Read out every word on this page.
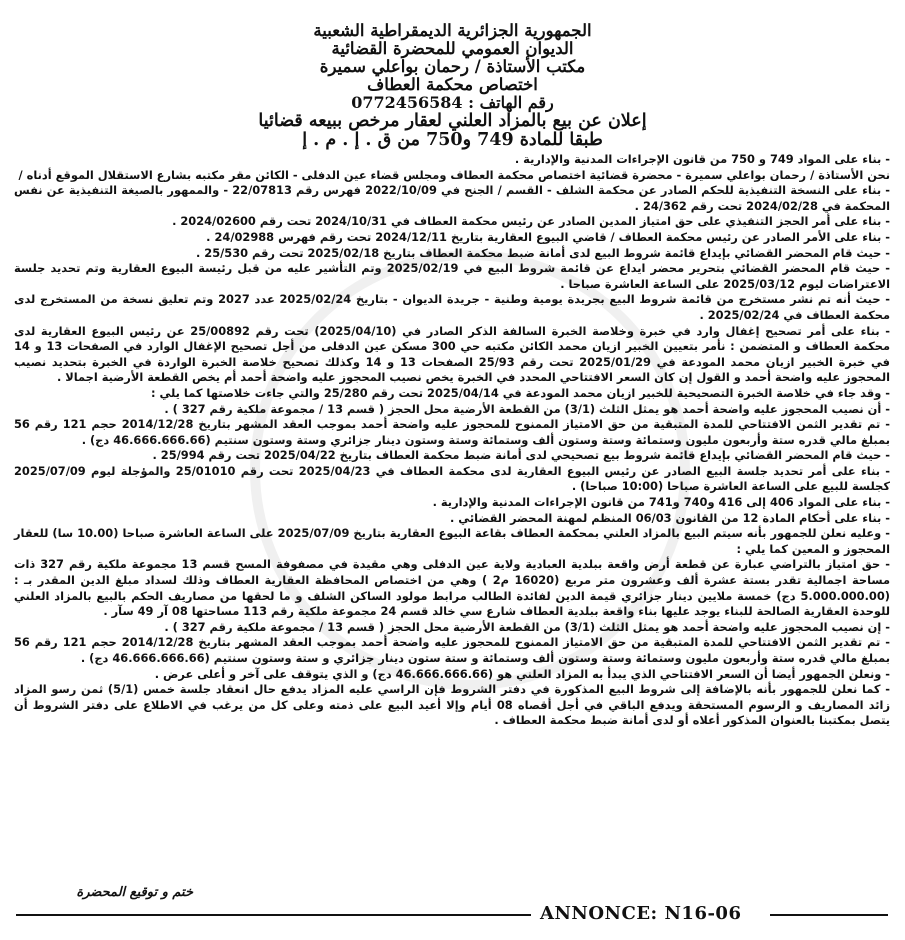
الجمهورية الجزائرية الديمقراطية الشعبية
الديوان العمومي للمحضرة القضائية
مكتب الأستاذة / رحمان بواعلي سميرة
اختصاص محكمة العطاف
رقم الهاتف : 0772456584
إعلان عن بيع بالمزاد العلني لعقار مرخص ببيعه قضائيا
طبقا للمادة 749 و750 من ق . إ . م . إ

- بناء على المواد 749 و 750 من قانون الإجراءات المدنية والإدارية .

نحن الأستاذة / رحمان بواعلي سميرة - محضرة قضائية اختصاص محكمة العطاف ومجلس قضاء عين الدفلى - الكائن مقر مكتبه بشارع الاستقلال الموقع أدناه /

- بناء على النسخة التنفيذية للحكم الصادر عن محكمة الشلف - القسم / الجنح في 2022/10/09 فهرس رقم 22/07813 - والممهور بالصيغة التنفيذية عن نفس المحكمة في 2024/02/28 تحت رقم 24/362 .

- بناء على أمر الحجز التنفيذي على حق امتياز المدين الصادر عن رئيس محكمة العطاف في 2024/10/31 تحت رقم 2024/02600 .

- بناء على الأمر الصادر عن رئيس محكمة العطاف / قاضي البيوع العقارية بتاريخ 2024/12/11 تحت رقم فهرس 24/02988 .

- حيث قام المحضر القضائي بإيداع قائمة شروط البيع لدى أمانة ضبط محكمة العطاف بتاريخ 2025/02/18 تحت رقم 25/530 .

- حيث قام المحضر القضائي بتحرير محضر ايداع عن قائمة شروط البيع في 2025/02/19 وتم التأشير عليه من قبل رئيسة البيوع العقارية وتم تحديد جلسة الاعتراضات ليوم 2025/03/12 على الساعة العاشرة صباحا .

- حيث أنه تم نشر مستخرج من قائمة شروط البيع بجريدة يومية وطنية - جريدة الديوان - بتاريخ 2025/02/24 عدد 2027 وتم تعليق نسخة من المستخرج لدى محكمة العطاف في 2025/02/24 .

- بناء على أمر تصحيح إغفال وارد في خبرة وخلاصة الخبرة السالفة الذكر الصادر في (2025/04/10) تحت رقم 25/00892 عن رئيس البيوع العقارية لدى محكمة العطاف و المتضمن : نأمر بتعيين الخبير ازيان محمد الكائن مكتبه حي 300 مسكن عين الدفلى من أجل تصحيح الإغفال الوارد في الصفحات 13 و 14 في خبرة الخبير ازيان محمد المودعة في 2025/01/29 تحت رقم 25/93 الصفحات 13 و 14 وكذلك تصحيح خلاصة الخبرة الواردة في الخبرة بتحديد نصيب المحجوز عليه واضحة أحمد و القول إن كان السعر الافتتاحي المحدد في الخبرة يخص نصيب المحجوز عليه واضحة أحمد أم يخص القطعة الأرضية اجمالا .

- وقد جاء في خلاصة الخبرة التصحيحية للخبير ازيان محمد المودعة في 2025/04/14 تحت رقم 25/280 والتي جاءت خلاصتها كما يلي :

- أن نصيب المحجوز عليه واضحة أحمد هو يمثل الثلث (3/1) من القطعة الأرضية محل الحجز ( قسم 13 / مجموعة ملكية رقم 327 ) .

- تم تقدير الثمن الافتتاحي للمدة المتبقية من حق الامتياز الممنوح للمحجوز عليه واضحة أحمد بموجب العقد المشهر بتاريخ 2014/12/28 حجم 121 رقم 56 بمبلغ مالي قدره ستة وأربعون مليون وستمائة وستة وستون ألف وستمائة وستة وستون دينار جزائري وستة وستون سنتيم (46.666.666.66 دج) .

- حيث قام المحضر القضائي بإيداع قائمة شروط بيع تصحيحي لدى أمانة ضبط محكمة العطاف بتاريخ 2025/04/22 تحت رقم 25/994 .

- بناء على أمر تحديد جلسة البيع الصادر عن رئيس البيوع العقارية لدى محكمة العطاف في 2025/04/23 تحت رقم 25/01010 والمؤجلة ليوم 2025/07/09 كجلسة للبيع على الساعة العاشرة صباحا (10:00 صباحا) .

- بناء على المواد 406 إلى 416 و740 و741 من قانون الإجراءات المدنية والإدارية .

- بناء على أحكام المادة 12 من القانون 06/03 المنظم لمهنة المحضر القضائي .

- وعليه نعلن للجمهور بأنه سيتم البيع بالمزاد العلني بمحكمة العطاف بقاعة البيوع العقارية بتاريخ 2025/07/09 على الساعة العاشرة صباحا (10.00 سا) للعقار المحجوز و المعين كما يلي :

- حق امتياز بالتراضي عبارة عن قطعة أرض واقعة ببلدية العبادية ولاية عين الدفلى وهي مقيدة في مصفوفة المسح قسم 13 مجموعة ملكية رقم 327 ذات مساحة اجمالية تقدر بستة عشرة ألف وعشرون متر مربع (16020 م2 ) وهي من اختصاص المحافظة العقارية العطاف وذلك لسداد مبلغ الدين المقدر بـ : (5.000.000.00 دج) خمسة ملايين دينار جزائري قيمة الدين لفائدة الطالب مرابط مولود الساكن الشلف و ما لحقها من مصاريف الحكم بالبيع بالمزاد العلني للوحدة العقارية الصالحة للبناء يوجد عليها بناء واقعة ببلدية العطاف شارع سي خالد قسم 24 مجموعة ملكية رقم 113 مساحتها 08 آر 49 سآر .

- إن نصيب المحجوز عليه واضحة أحمد هو يمثل الثلث (3/1) من القطعة الأرضية محل الحجز ( قسم 13 / مجموعة ملكية رقم 327 ) .

- تم تقدير الثمن الافتتاحي للمدة المتبقية من حق الامتياز الممنوح للمحجوز عليه واضحة أحمد بموجب العقد المشهر بتاريخ 2014/12/28 حجم 121 رقم 56 بمبلغ مالي قدره ستة وأربعون مليون وستمائة وستة وستون ألف وستمائة و ستة ستون دينار جزائري و ستة وستون سنتيم (46.666.666.66 دج) .

- ونعلن الجمهور أيضا أن السعر الافتتاحي الذي يبدأ به المزاد العلني هو (46.666.666.66 دج) و الذي يتوقف على آخر و أعلى عرض .

- كما نعلن للجمهور بأنه بالإضافة إلى شروط البيع المذكورة في دفتر الشروط فإن الراسي عليه المزاد يدفع حال انعقاد جلسة خمس (5/1) ثمن رسو المزاد زائد المصاريف و الرسوم المستحقة ويدفع الباقي في أجل أقصاه 08 أيام وإلا أعيد البيع على ذمته وعلى كل من يرغب في الاطلاع على دفتر الشروط أن يتصل بمكتبنا بالعنوان المذكور أعلاه أو لدى أمانة ضبط محكمة العطاف .

ختم و توقيع المحضرة
ANNONCE: N16-06
